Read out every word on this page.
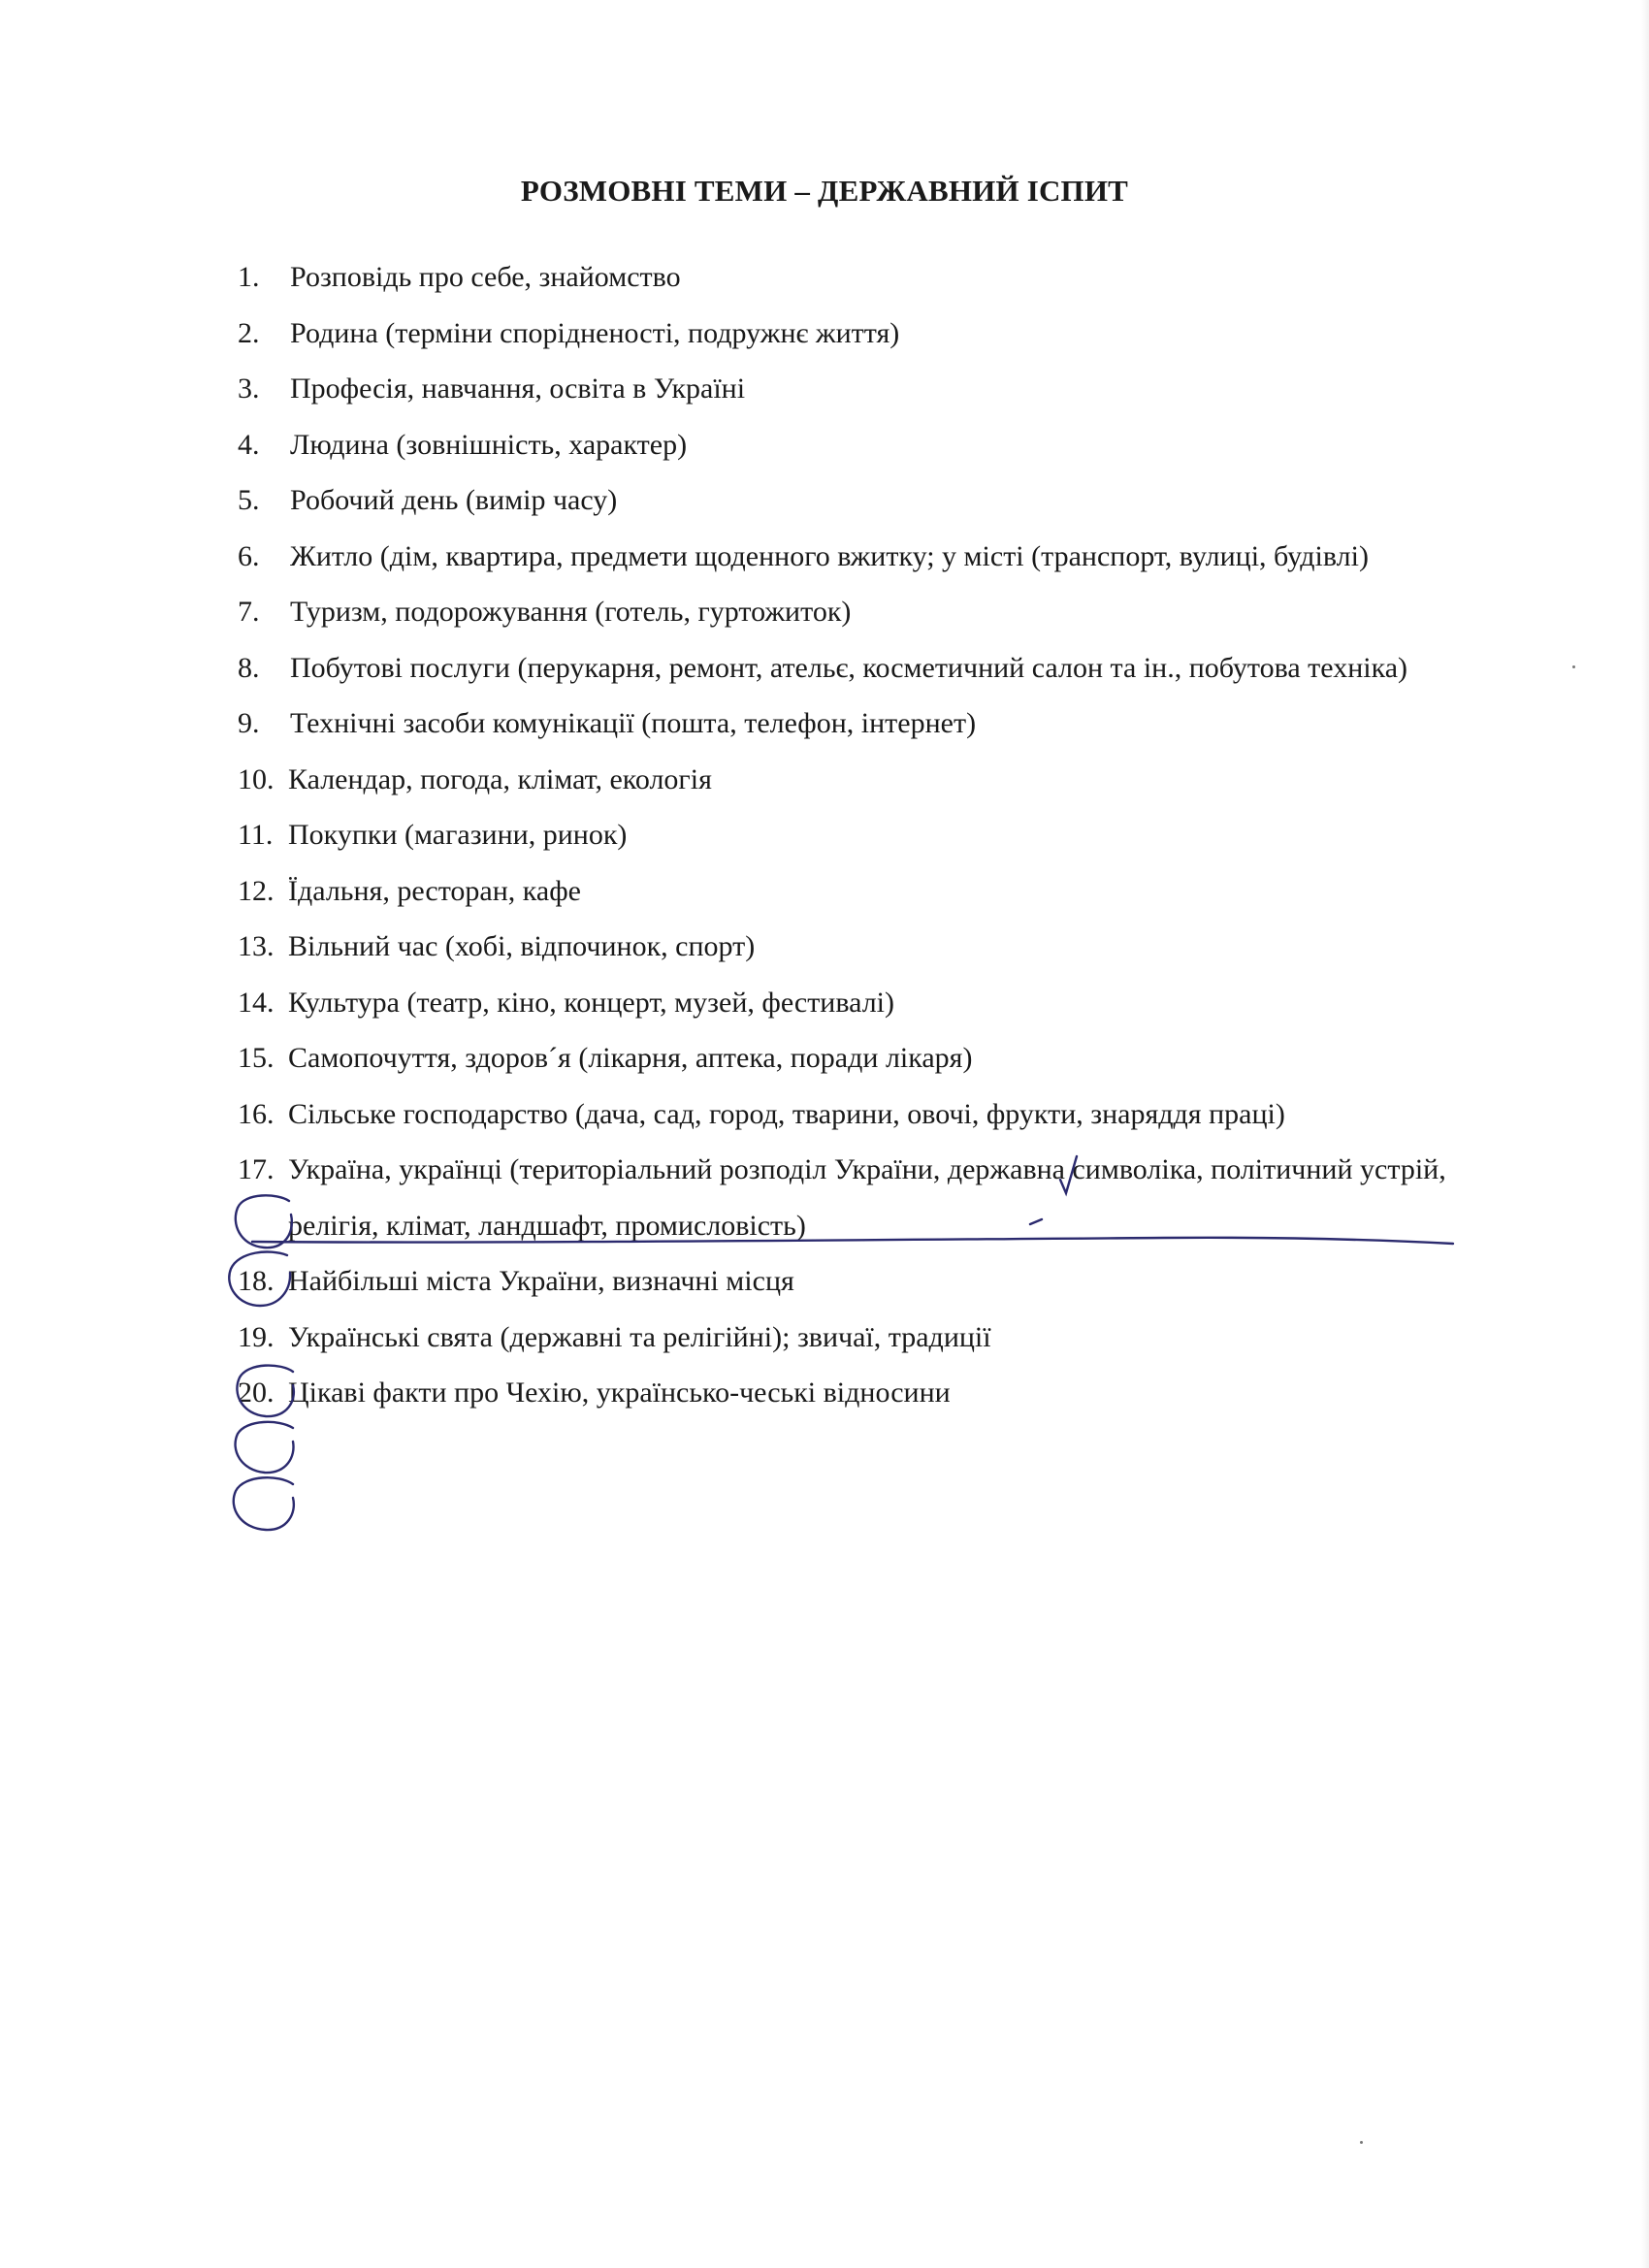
РОЗМОВНІ ТЕМИ – ДЕРЖАВНИЙ ІСПИТ
1.	Розповідь про себе, знайомство
2.	Родина (терміни спорідненості, подружнє життя)
3.	Професія, навчання, освіта в Україні
4.	Людина (зовнішність, характер)
5.	Робочий день (вимір часу)
6.	Житло (дім, квартира, предмети щоденного вжитку; у місті (транспорт, вулиці, будівлі)
7.	Туризм, подорожування (готель, гуртожиток)
8.	Побутові послуги (перукарня, ремонт, ательє, косметичний салон та ін., побутова техніка)
9.	Технічні засоби комунікації (пошта, телефон, інтернет)
10. Календар, погода, клімат, екологія
11. Покупки (магазини, ринок)
12. Їдальня, ресторан, кафе
13. Вільний час (хобі, відпочинок, спорт)
14. Культура (театр, кіно, концерт, музей, фестивалі)
15. Самопочуття, здоров´я (лікарня, аптека, поради лікаря)
16. Сільське господарство (дача, сад, город, тварини, овочі, фрукти, знаряддя праці)
17. Україна, українці (територіальний розподіл України, державна символіка, політичний устрій, релігія, клімат, ландшафт, промисловість)
18. Найбільші міста України, визначні місця
19. Українські свята (державні та релігійні); звичаї, традиції
20. Цікаві факти про Чехію, українсько-чеські відносини
